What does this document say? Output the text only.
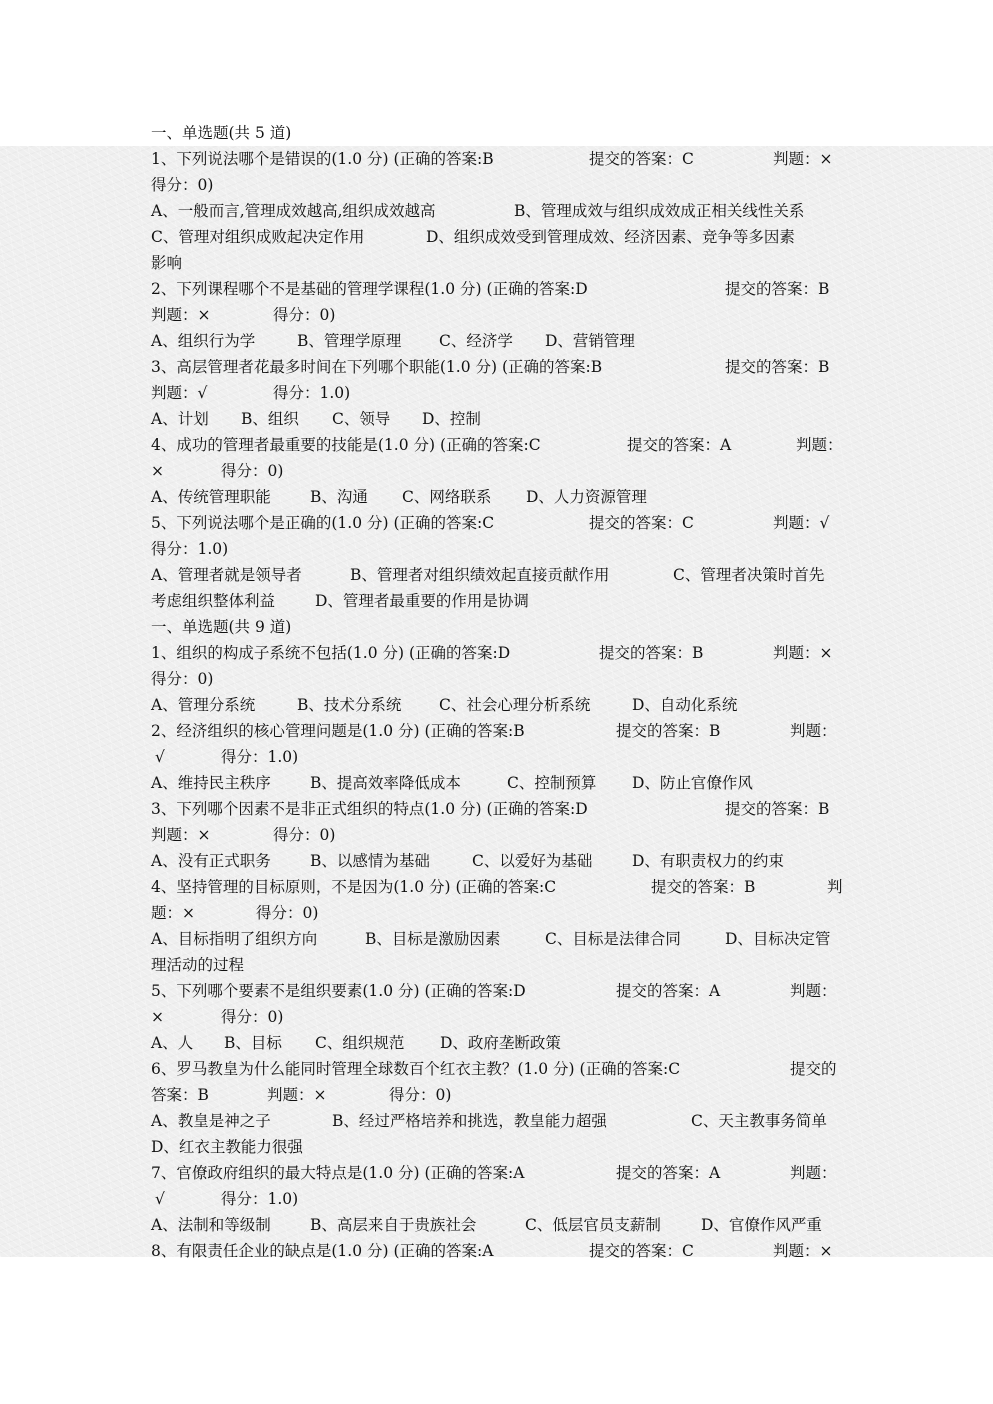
一、单选题(共 5 道)
1、下列说法哪个是错误的(1.0 分) (正确的答案:B	提交的答案：C	判题：×
得分：0)
A、一般而言,管理成效越高,组织成效越高	B、管理成效与组织成效成正相关线性关系
C、管理对组织成败起决定作用	D、组织成效受到管理成效、经济因素、竞争等多因素
影响
2、下列课程哪个不是基础的管理学课程(1.0 分) (正确的答案:D	提交的答案：B
判题：×	得分：0)
A、组织行为学	B、管理学原理 C、经济学 D、营销管理
3、高层管理者花最多时间在下列哪个职能(1.0 分) (正确的答案:B	提交的答案：B
判题：√	得分：1.0)
A、计划 B、组织 C、领导 D、控制
4、成功的管理者最重要的技能是(1.0 分) (正确的答案:C	提交的答案：A	判题：
×	得分：0)
A、传统管理职能	B、沟通 C、网络联系 D、人力资源管理
5、下列说法哪个是正确的(1.0 分) (正确的答案:C	提交的答案：C	判题：√
得分：1.0)
A、管理者就是领导者	B、管理者对组织绩效起直接贡献作用	C、管理者决策时首先
考虑组织整体利益	D、管理者最重要的作用是协调
一、单选题(共 9 道)
1、组织的构成子系统不包括(1.0 分) (正确的答案:D	提交的答案：B	判题：×
得分：0)
A、管理分系统	B、技术分系统 C、社会心理分析系统	D、自动化系统
2、经济组织的核心管理问题是(1.0 分) (正确的答案:B	提交的答案：B	判题：
√	得分：1.0)
A、维持民主秩序	B、提高效率降低成本	C、控制预算 D、防止官僚作风
3、下列哪个因素不是非正式组织的特点(1.0 分) (正确的答案:D	提交的答案：B
判题：×	得分：0)
A、没有正式职务	B、以感情为基础	C、以爱好为基础	D、有职责权力的约束
4、坚持管理的目标原则，不是因为(1.0 分) (正确的答案:C	提交的答案：B	判
题：×	得分：0)
A、目标指明了组织方向	B、目标是激励因素	C、目标是法律合同	D、目标决定管
理活动的过程
5、下列哪个要素不是组织要素(1.0 分) (正确的答案:D	提交的答案：A	判题：
×	得分：0)
A、人 B、目标 C、组织规范 D、政府垄断政策
6、罗马教皇为什么能同时管理全球数百个红衣主教？(1.0 分) (正确的答案:C	提交的
答案：B	判题：×	得分：0)
A、教皇是神之子	B、经过严格培养和挑选，教皇能力超强	C、天主教事务简单
D、红衣主教能力很强
7、官僚政府组织的最大特点是(1.0 分) (正确的答案:A	提交的答案：A	判题：
√	得分：1.0)
A、法制和等级制	B、高层来自于贵族社会	C、低层官员支薪制	D、官僚作风严重
8、有限责任企业的缺点是(1.0 分) (正确的答案:A	提交的答案：C	判题：×
